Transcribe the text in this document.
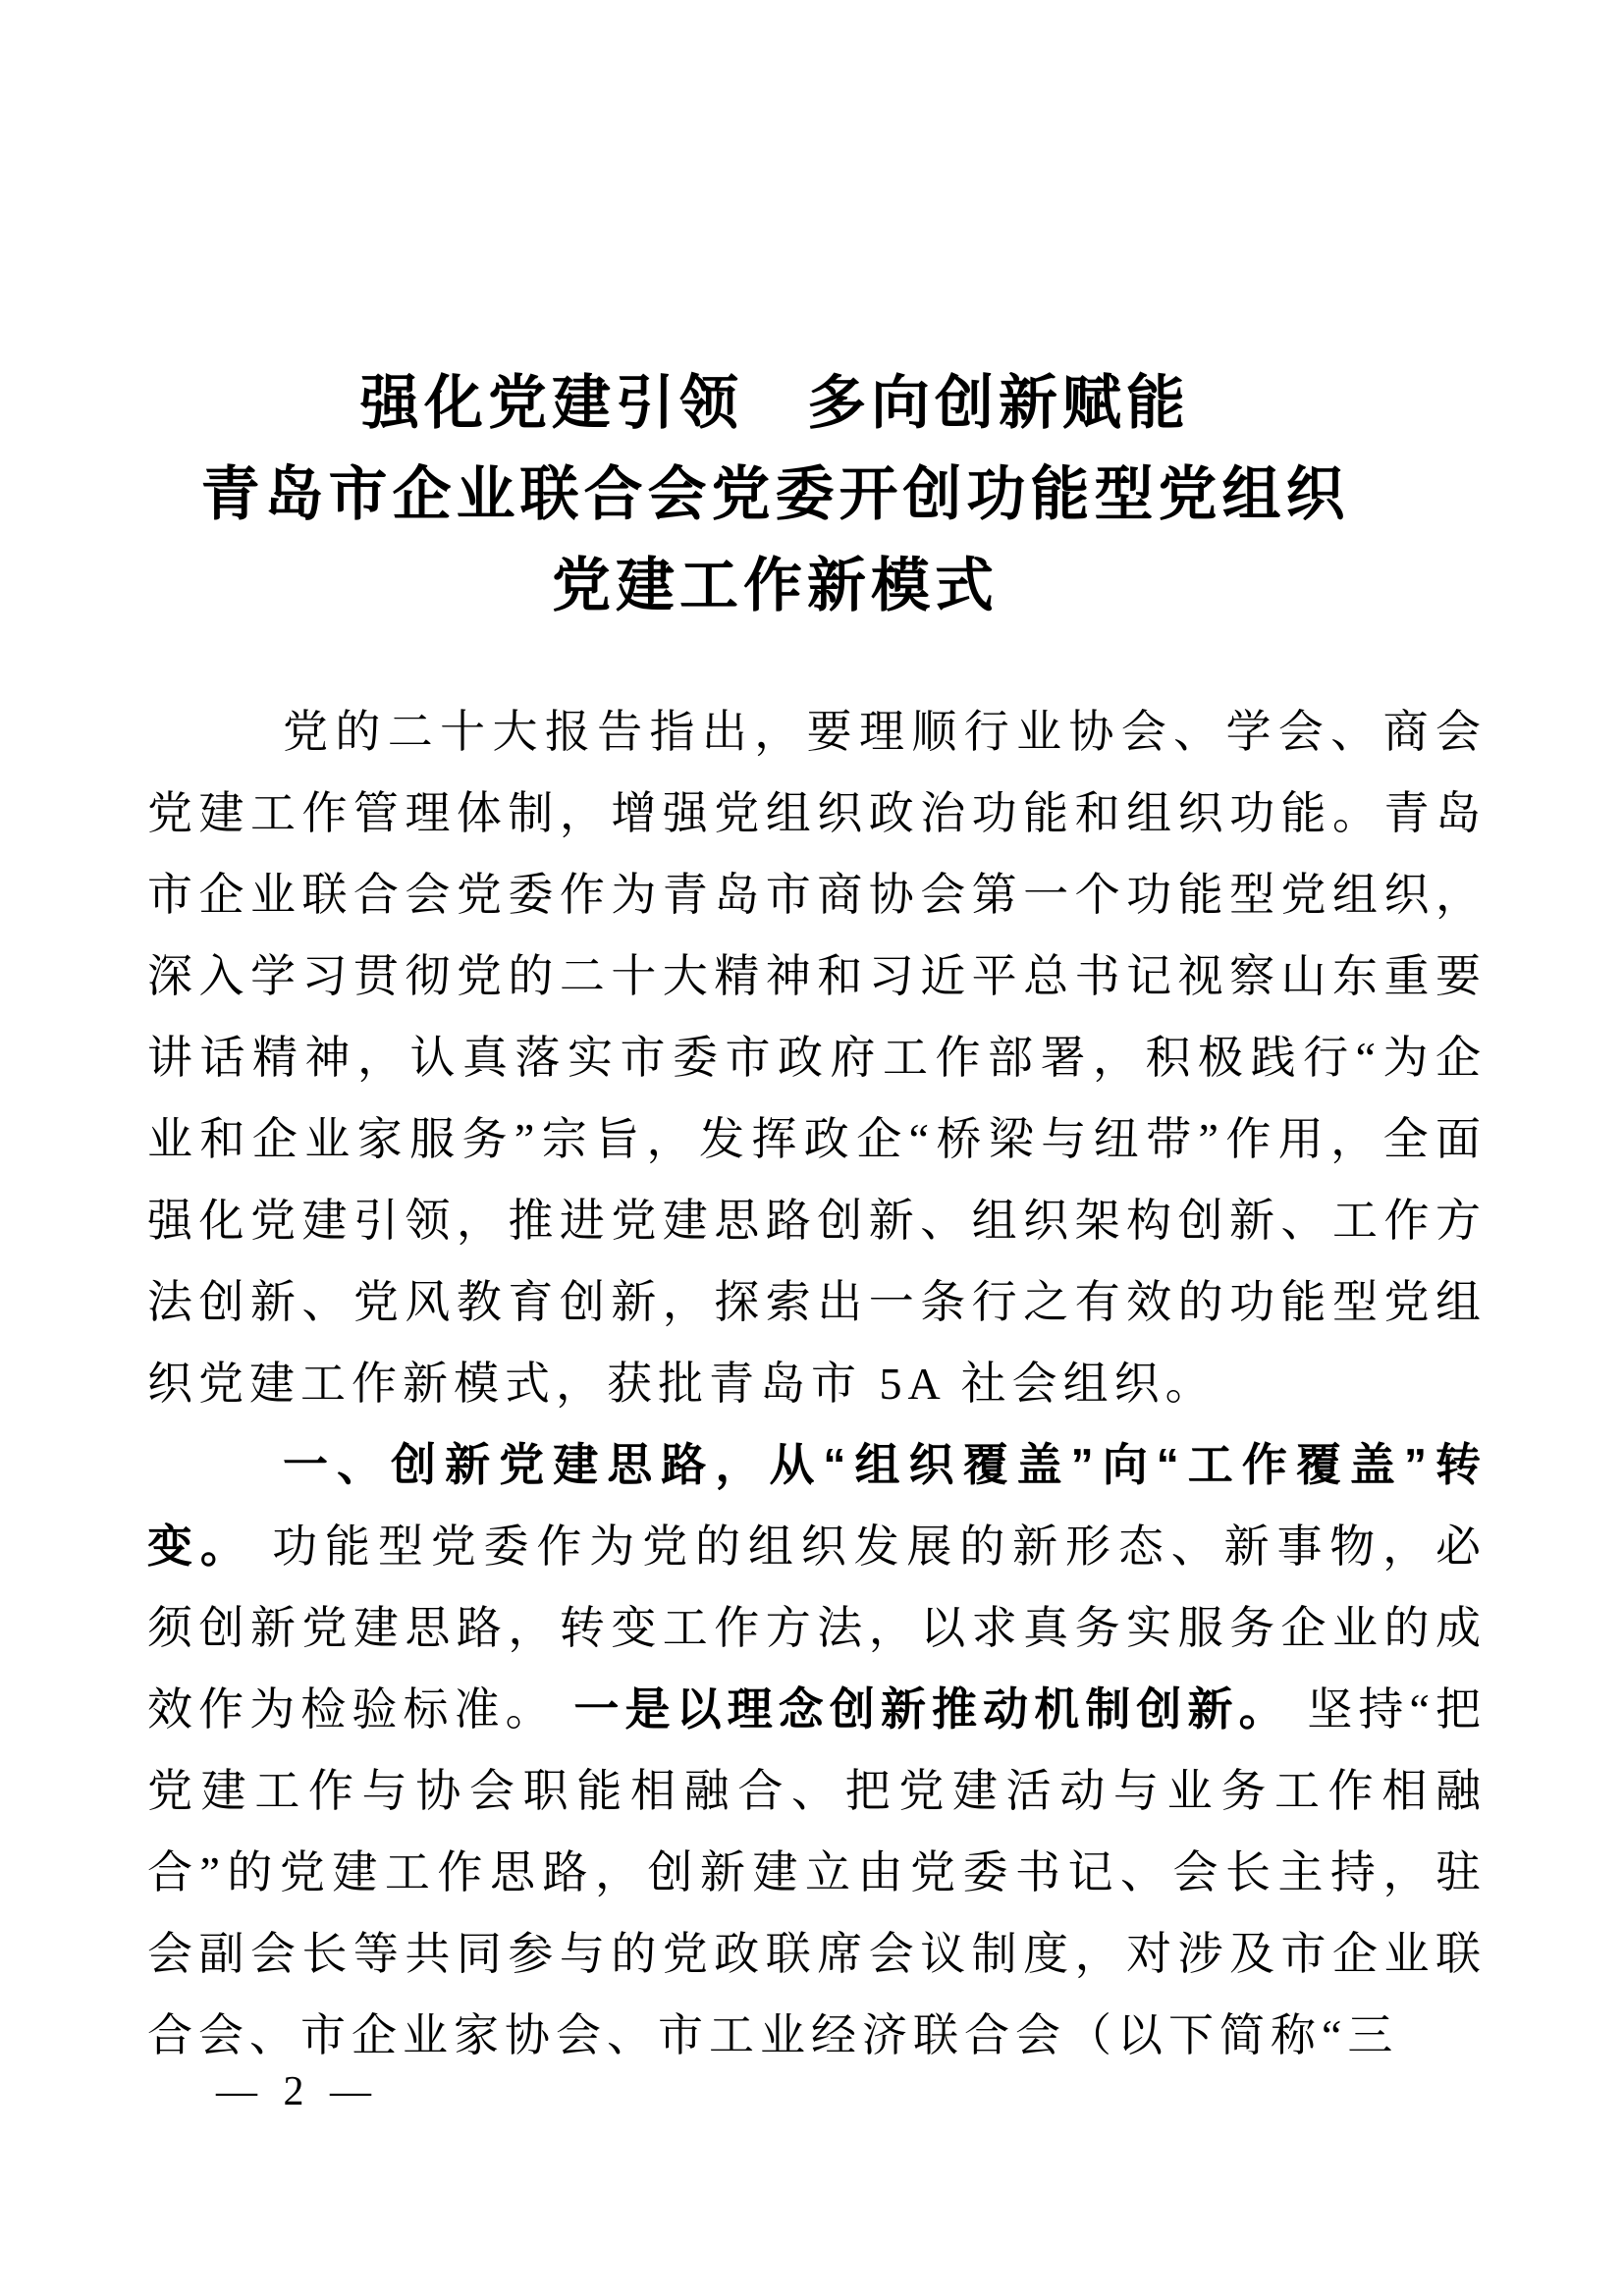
强化党建引领　多向创新赋能
青岛市企业联合会党委开创功能型党组织
党建工作新模式

党的二十大报告指出，要理顺行业协会、学会、商会党建工作管理体制，增强党组织政治功能和组织功能。青岛市企业联合会党委作为青岛市商协会第一个功能型党组织，深入学习贯彻党的二十大精神和习近平总书记视察山东重要讲话精神，认真落实市委市政府工作部署，积极践行“为企业和企业家服务”宗旨，发挥政企“桥梁与纽带”作用，全面强化党建引领，推进党建思路创新、组织架构创新、工作方法创新、党风教育创新，探索出一条行之有效的功能型党组织党建工作新模式，获批青岛市 5A 社会组织。

一、创新党建思路，从“组织覆盖”向“工作覆盖”转变。 功能型党委作为党的组织发展的新形态、新事物，必须创新党建思路，转变工作方法，以求真务实服务企业的成效作为检验标准。 一是以理念创新推动机制创新。 坚持“把党建工作与协会职能相融合、把党建活动与业务工作相融合”的党建工作思路，创新建立由党委书记、会长主持，驻会副会长等共同参与的党政联席会议制度，对涉及市企业联合会、市企业家协会、市工业经济联合会（以下简称“三

— 2 —
